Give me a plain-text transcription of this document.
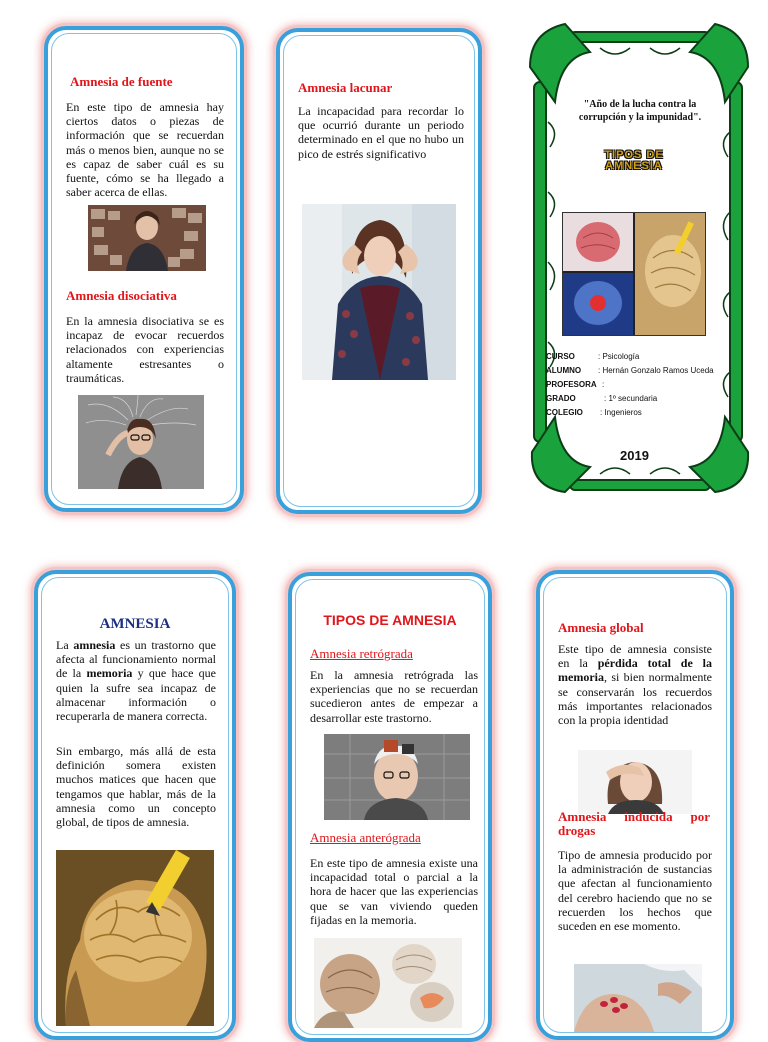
Amnesia de fuente

En este tipo de amnesia hay ciertos datos o piezas de información que se recuerdan más o menos bien, aunque no se es capaz de saber cuál es su fuente, cómo se ha llegado a saber acerca de ellas.

Amnesia disociativa

En la amnesia disociativa se es incapaz de evocar recuerdos relacionados con experiencias altamente estresantes o traumáticas.

Amnesia lacunar

La incapacidad para recordar lo que ocurrió durante un periodo determinado en el que no hubo un pico de estrés significativo

"Año de la lucha contra la corrupción y la impunidad".

TIPOS DE
AMNESIA
CURSO	: Psicología
ALUMNO : Hernán Gonzalo Ramos Uceda
PROFESORA :
GRADO	: 1º secundaria
COLEGIO : Ingenieros
2019

AMNESIA

La amnesia es un trastorno que afecta al funcionamiento normal de la memoria y que hace que quien la sufre sea incapaz de almacenar información o recuperarla de manera correcta.

Sin embargo, más allá de esta definición somera existen muchos matices que hacen que tengamos que hablar, más de la amnesia como un concepto global, de tipos de amnesia.

TIPOS DE AMNESIA

Amnesia retrógrada

En la amnesia retrógrada las experiencias que no se recuerdan sucedieron antes de empezar a desarrollar este trastorno.

Amnesia anterógrada

En este tipo de amnesia existe una incapacidad total o parcial a la hora de hacer que las experiencias que se van viviendo queden fijadas en la memoria.

Amnesia global

Este tipo de amnesia consiste en la pérdida total de la memoria, si bien normalmente se conservarán los recuerdos más importantes relacionados con la propia identidad

Amnesia inducida por drogas

Tipo de amnesia producido por la administración de sustancias que afectan al funcionamiento del cerebro haciendo que no se recuerden los hechos que suceden en ese momento.
